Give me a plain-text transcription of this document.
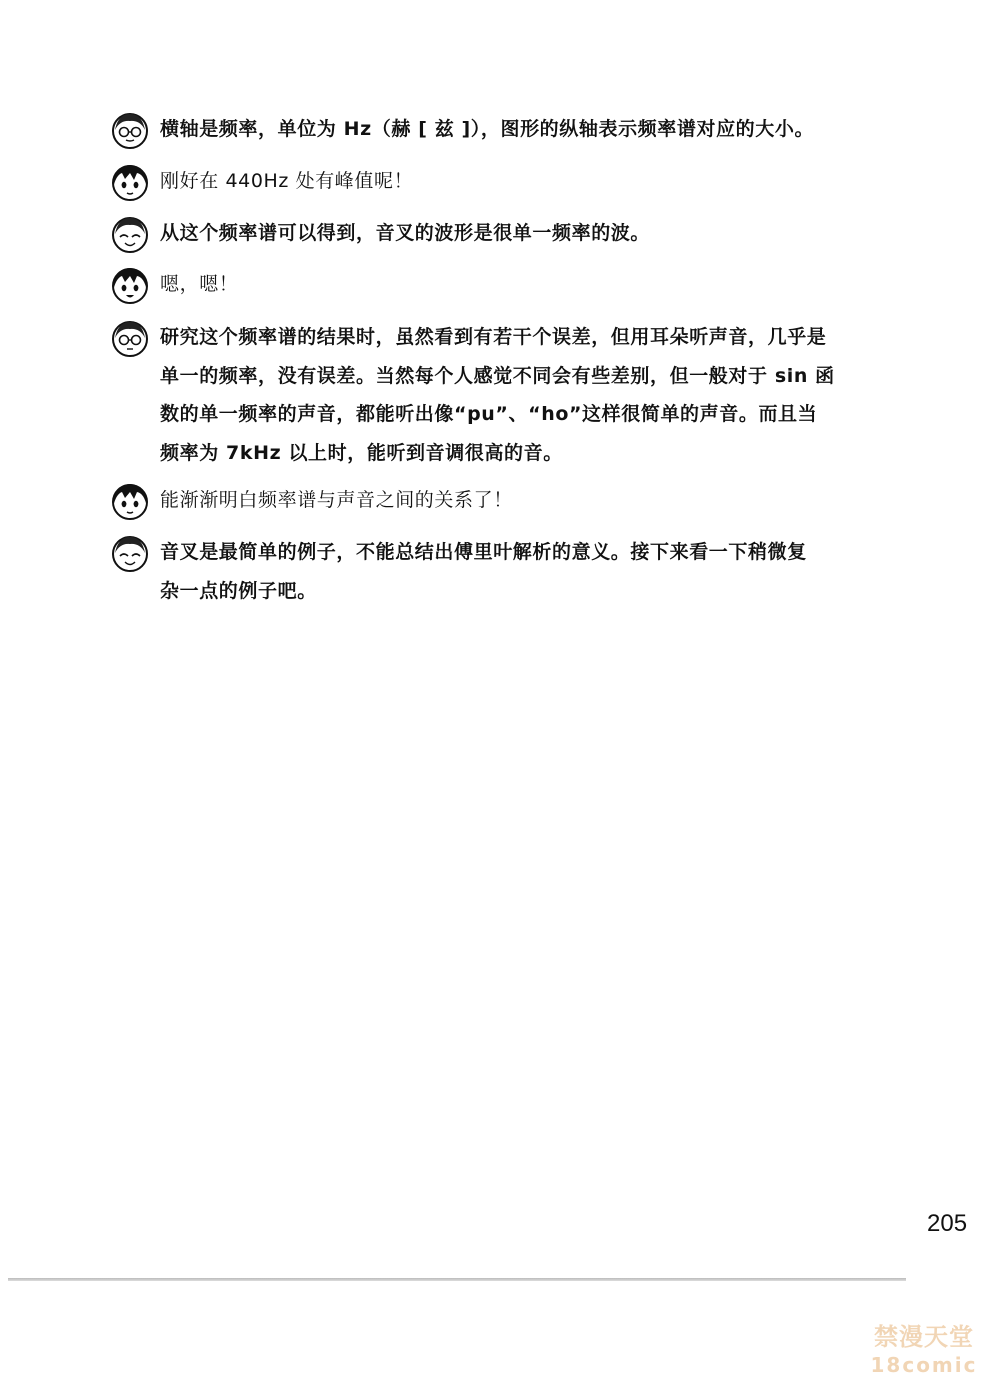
横轴是频率，单位为 Hz（赫 [ 兹 ]），图形的纵轴表示频率谱对应的大小。
刚好在 440Hz 处有峰值呢！
从这个频率谱可以得到，音叉的波形是很单一频率的波。
嗯，嗯！
研究这个频率谱的结果时，虽然看到有若干个误差，但用耳朵听声音，几乎是
单一的频率，没有误差。当然每个人感觉不同会有些差别，但一般对于 sin 函
数的单一频率的声音，都能听出像“pu”、“ho”这样很简单的声音。而且当
频率为 7kHz 以上时，能听到音调很高的音。
能渐渐明白频率谱与声音之间的关系了！
音叉是最简单的例子，不能总结出傅里叶解析的意义。接下来看一下稍微复
杂一点的例子吧。
205
禁漫天堂
18comic
